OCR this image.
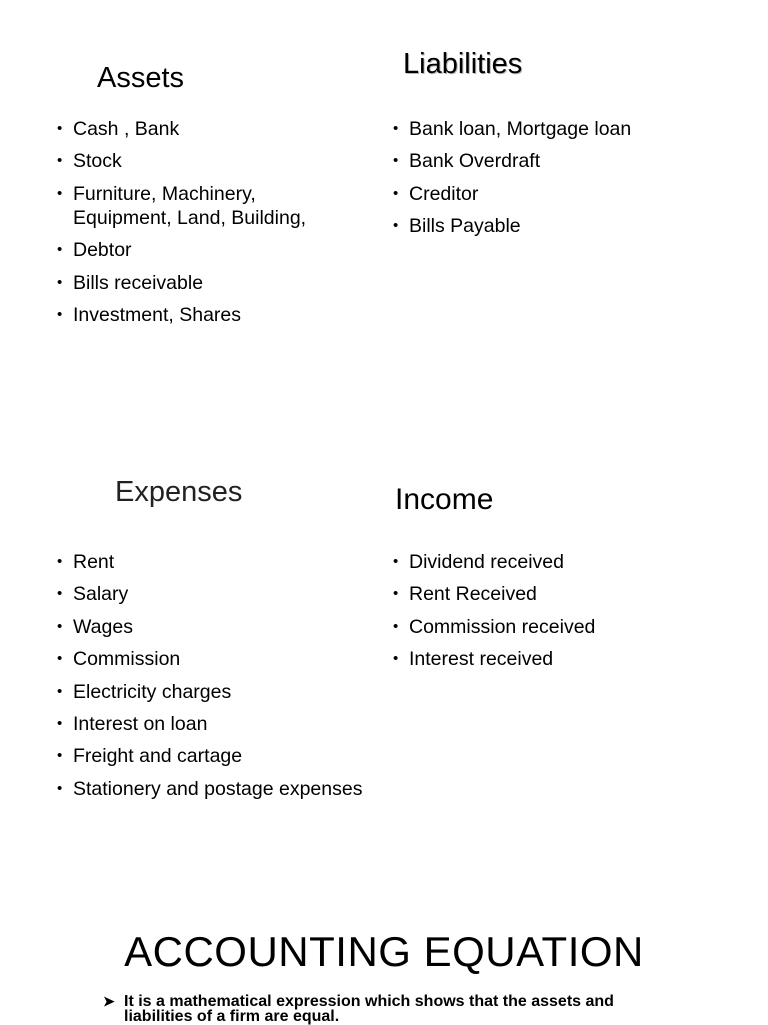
Assets
• Cash , Bank
• Stock
• Furniture, Machinery, Equipment, Land, Building,
• Debtor
• Bills receivable
• Investment, Shares
Liabilities
• Bank loan, Mortgage loan
• Bank Overdraft
• Creditor
• Bills Payable
Expenses
• Rent
• Salary
• Wages
• Commission
• Electricity charges
• Interest on loan
• Freight and cartage
• Stationery and postage expenses
Income
• Dividend received
• Rent Received
• Commission received
• Interest received
ACCOUNTING EQUATION
➤ It is a mathematical expression which shows that the assets and liabilities of a firm are equal.
